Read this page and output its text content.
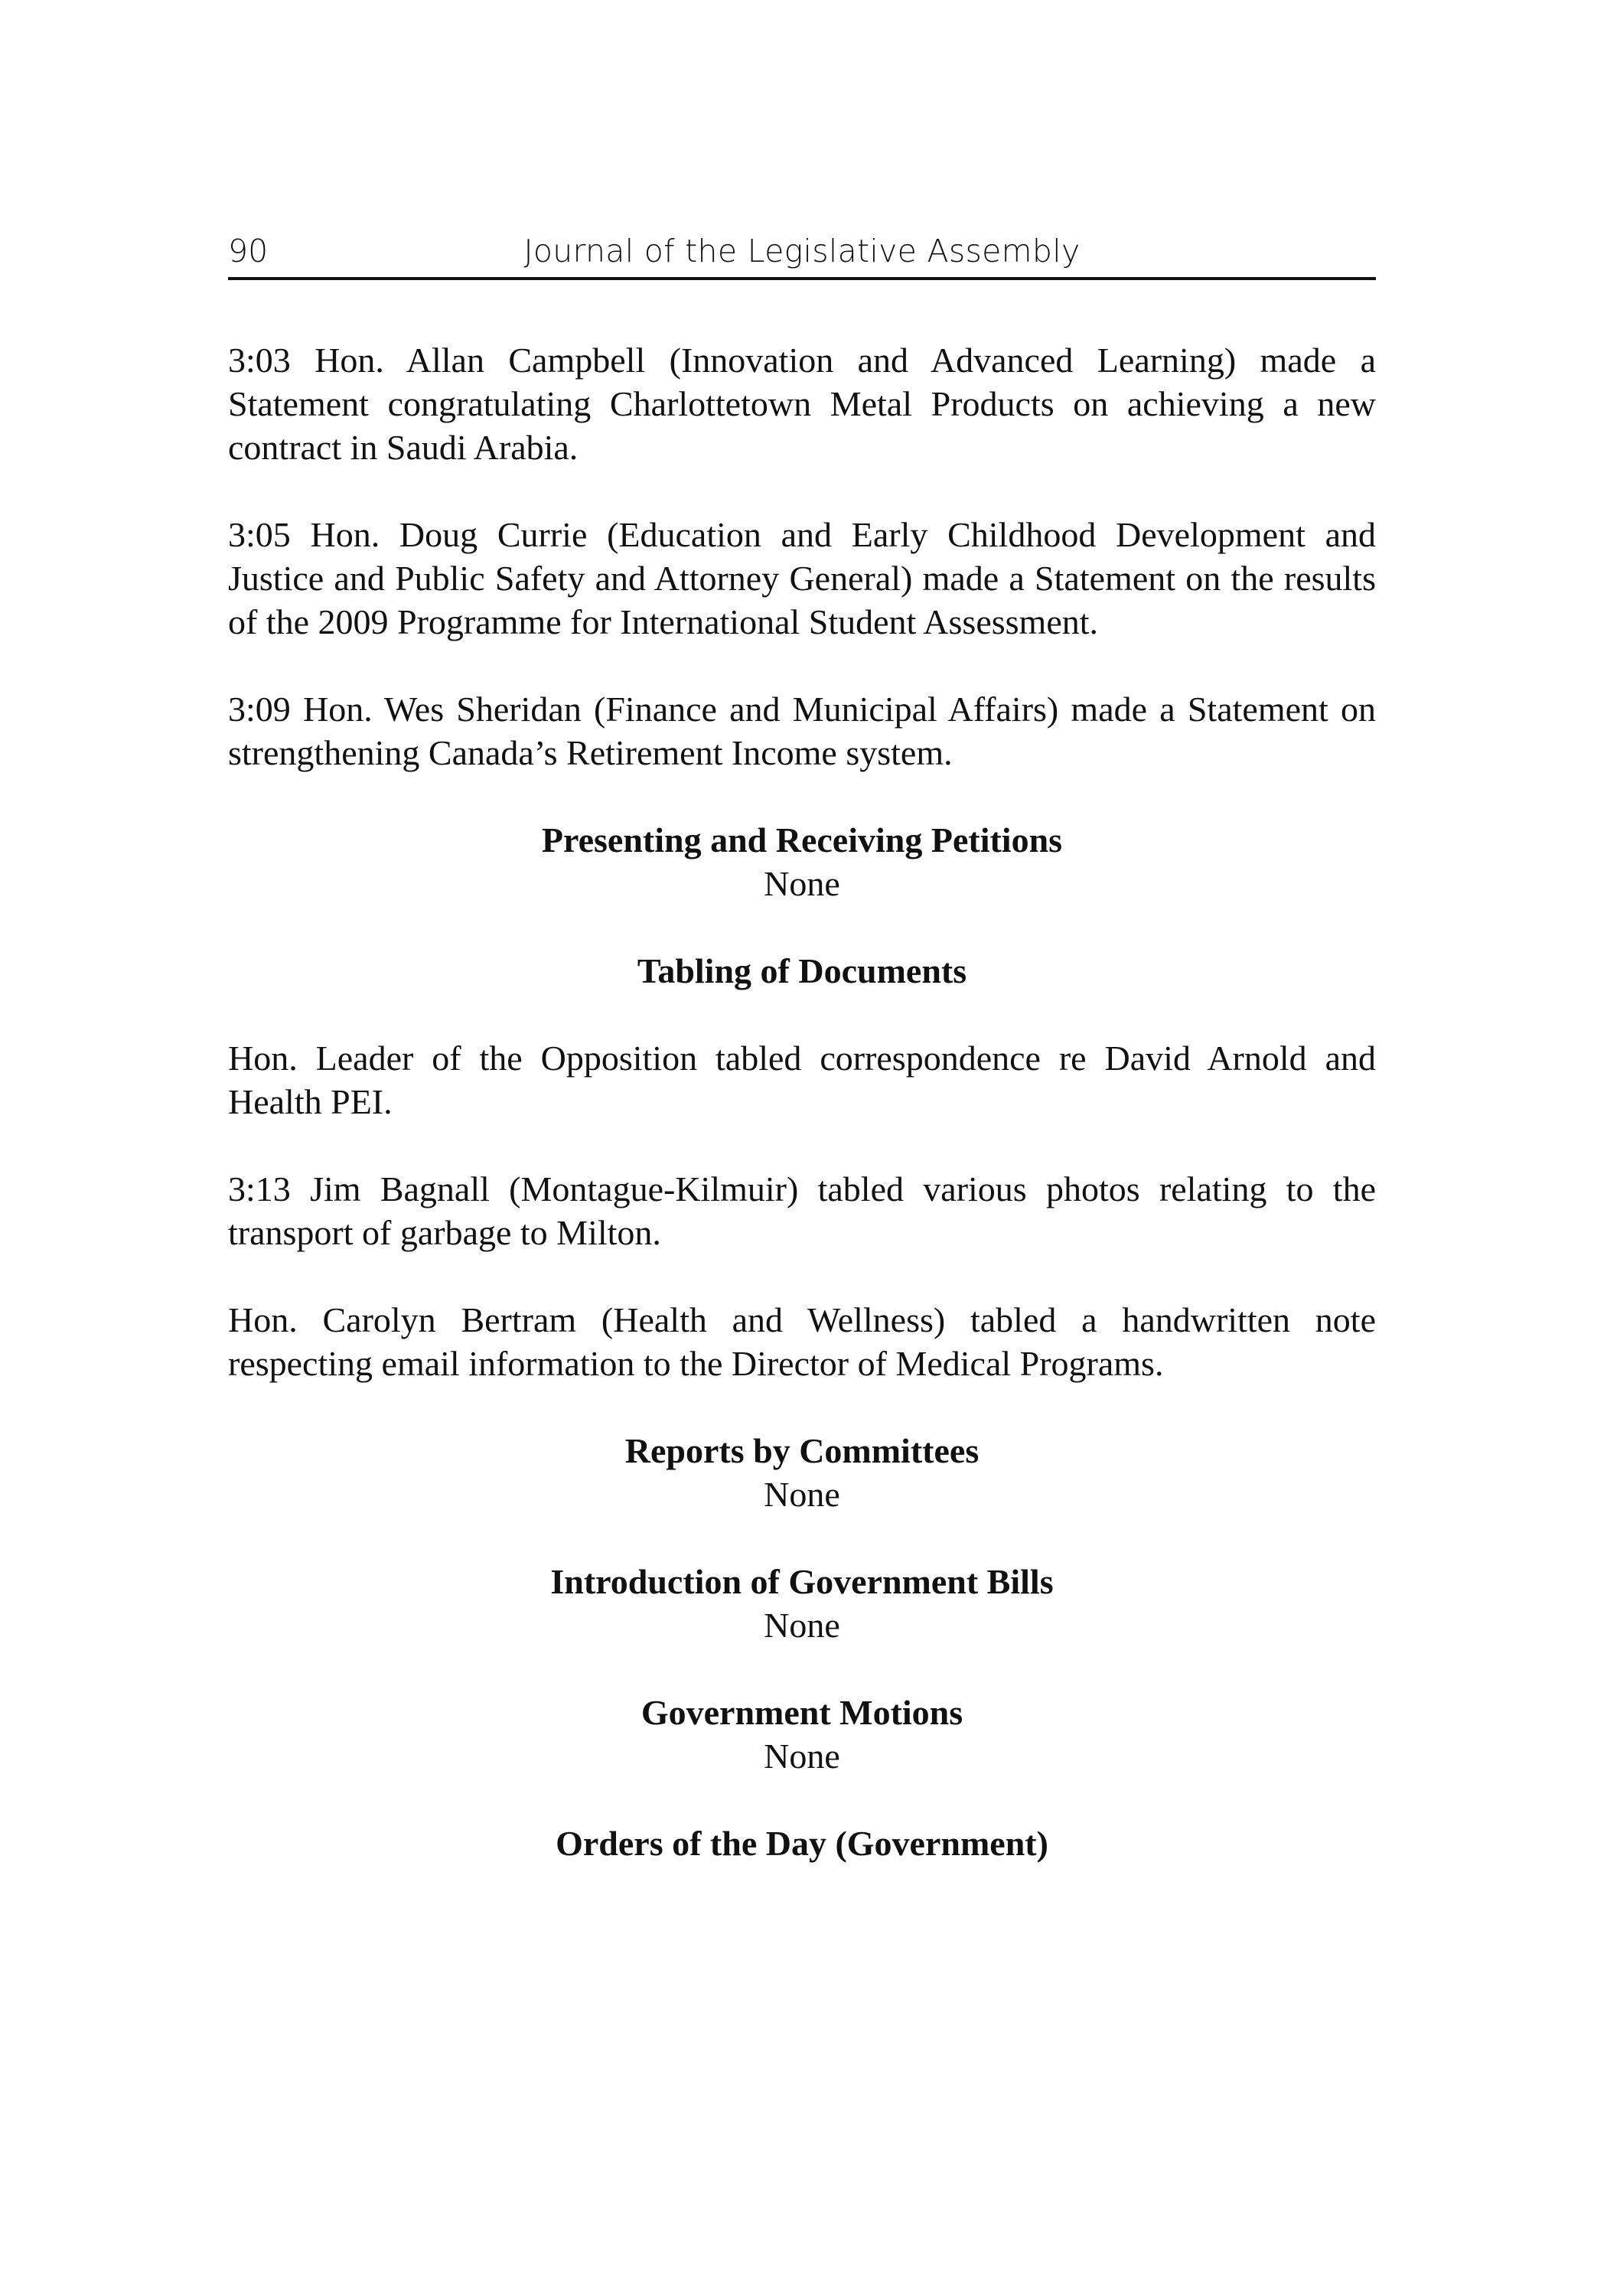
90	Journal of the Legislative Assembly

3:03 Hon. Allan Campbell (Innovation and Advanced Learning) made a Statement congratulating Charlottetown Metal Products on achieving a new contract in Saudi Arabia.

3:05 Hon. Doug Currie (Education and Early Childhood Development and Justice and Public Safety and Attorney General) made a Statement on the results of the 2009 Programme for International Student Assessment.

3:09 Hon. Wes Sheridan (Finance and Municipal Affairs) made a Statement on strengthening Canada’s Retirement Income system.

Presenting and Receiving Petitions
None
Tabling of Documents

Hon. Leader of the Opposition tabled correspondence re David Arnold and Health PEI.

3:13 Jim Bagnall (Montague-Kilmuir) tabled various photos relating to the transport of garbage to Milton.

Hon. Carolyn Bertram (Health and Wellness) tabled a handwritten note respecting email information to the Director of Medical Programs.

Reports by Committees
None
Introduction of Government Bills
None
Government Motions
None
Orders of the Day (Government)
